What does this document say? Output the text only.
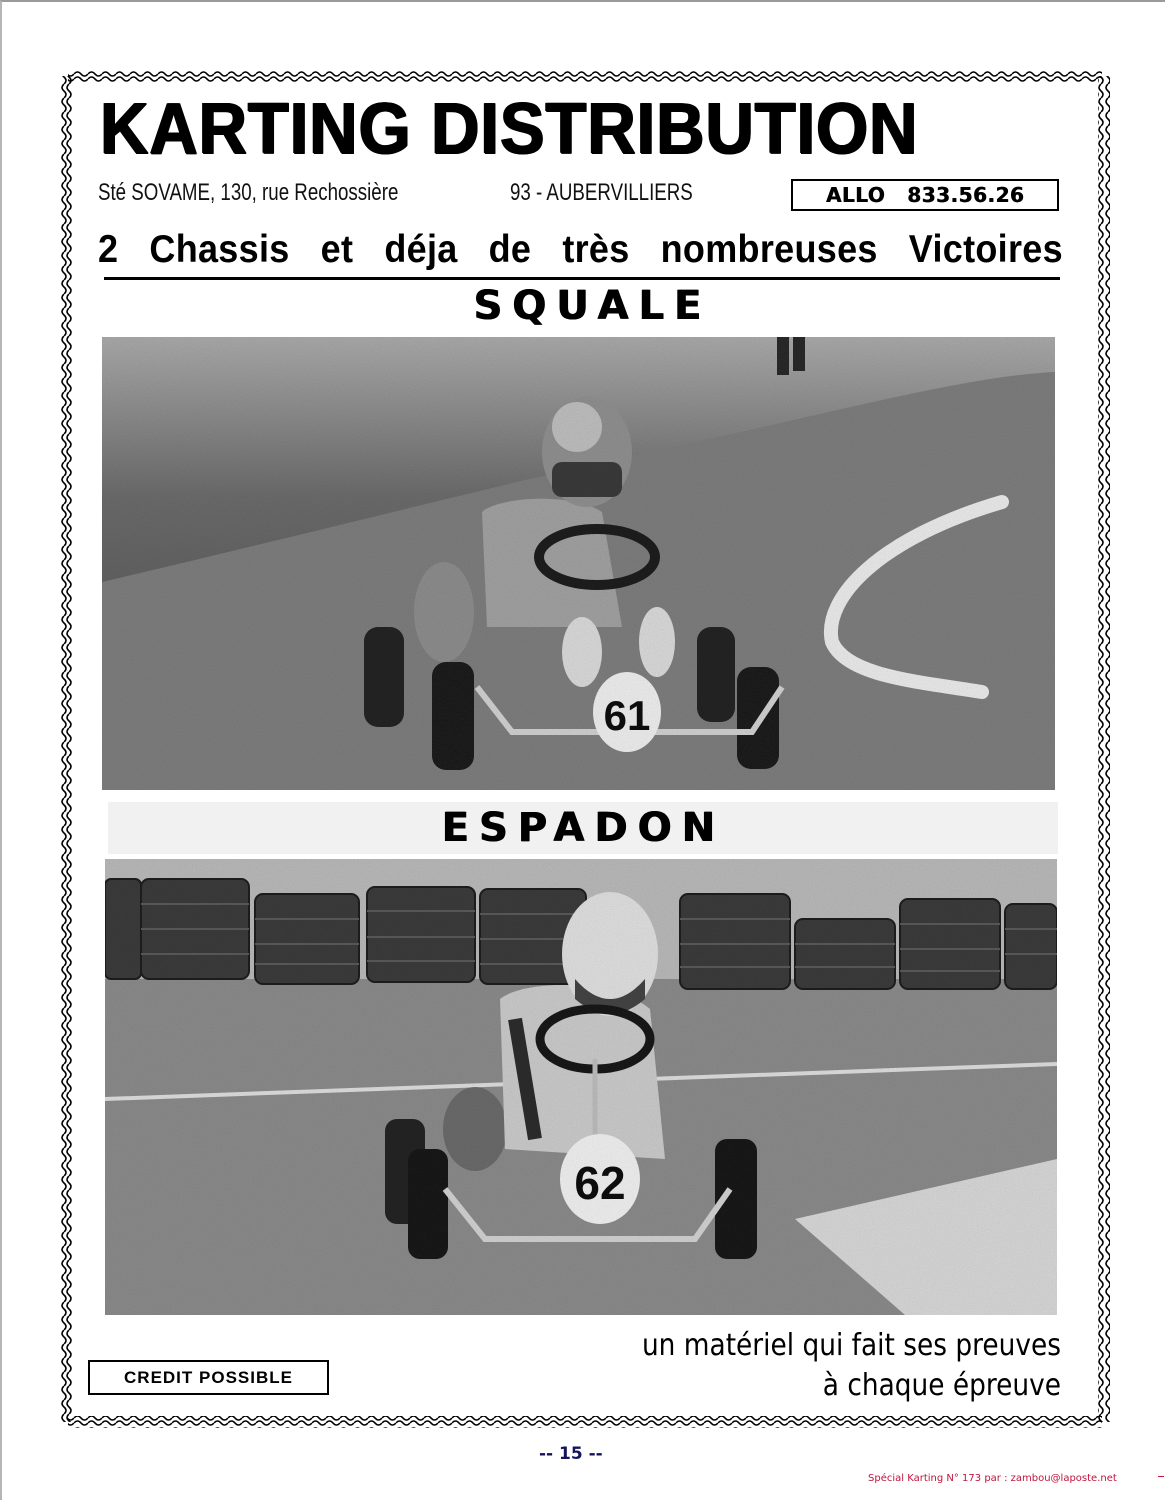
KARTING DISTRIBUTION
Sté SOVAME, 130, rue Rechossière	93 - AUBERVILLIERS	ALLO 833.56.26
2 Chassis et déja de très nombreuses Victoires
SQUALE
61
ESPADON
62
CREDIT POSSIBLE
un matériel qui fait ses preuves
à chaque épreuve
-- 15 --
Spécial Karting N° 173 par : zambou@laposte.net
